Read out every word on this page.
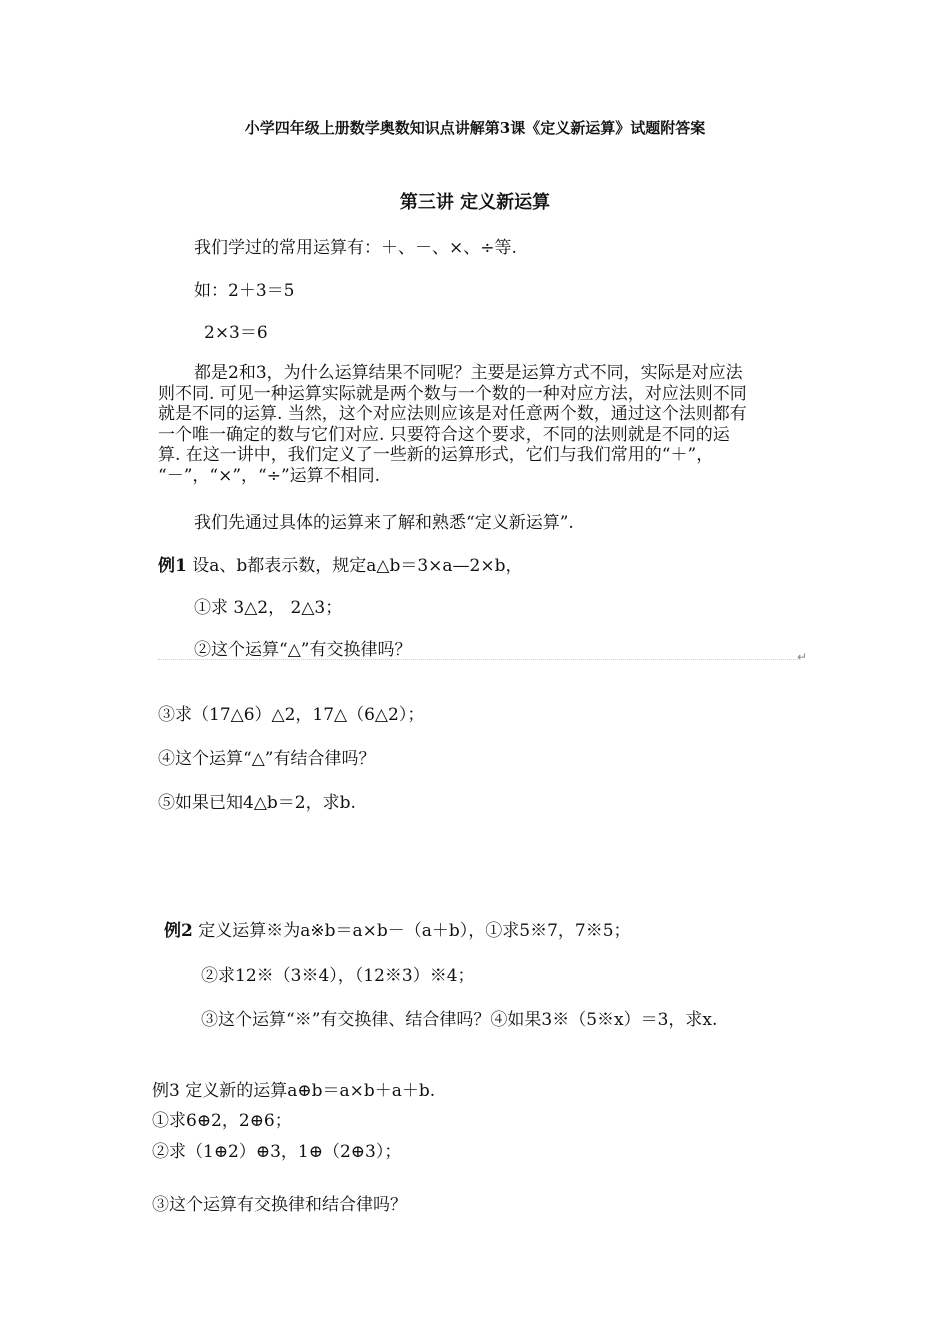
小学四年级上册数学奥数知识点讲解第3课《定义新运算》试题附答案
第三讲 定义新运算
我们学过的常用运算有：＋、－、×、÷等.
如：2＋3＝5
2×3＝6
都是2和3，为什么运算结果不同呢？主要是运算方式不同，实际是对应法
则不同. 可见一种运算实际就是两个数与一个数的一种对应方法，对应法则不同
就是不同的运算. 当然，这个对应法则应该是对任意两个数，通过这个法则都有
一个唯一确定的数与它们对应. 只要符合这个要求，不同的法则就是不同的运
算. 在这一讲中，我们定义了一些新的运算形式，它们与我们常用的“＋”，
“－”，“×”，“÷”运算不相同.
我们先通过具体的运算来了解和熟悉“定义新运算”.
例1 设a、b都表示数，规定a△b＝3×a—2×b，
①求 3△2， 2△3；
②这个运算“△”有交换律吗？	↵
③求（17△6）△2，17△（6△2）；
④这个运算“△”有结合律吗？
⑤如果已知4△b＝2，求b.
例2 定义运算※为a※b＝a×b－（a＋b），①求5※7，7※5；
②求12※（3※4），（12※3）※4；
③这个运算“※”有交换律、结合律吗？④如果3※（5※x）＝3，求x.
例3 定义新的运算a⊕b＝a×b＋a＋b.
①求6⊕2，2⊕6；
②求（1⊕2）⊕3，1⊕（2⊕3）；
③这个运算有交换律和结合律吗？
